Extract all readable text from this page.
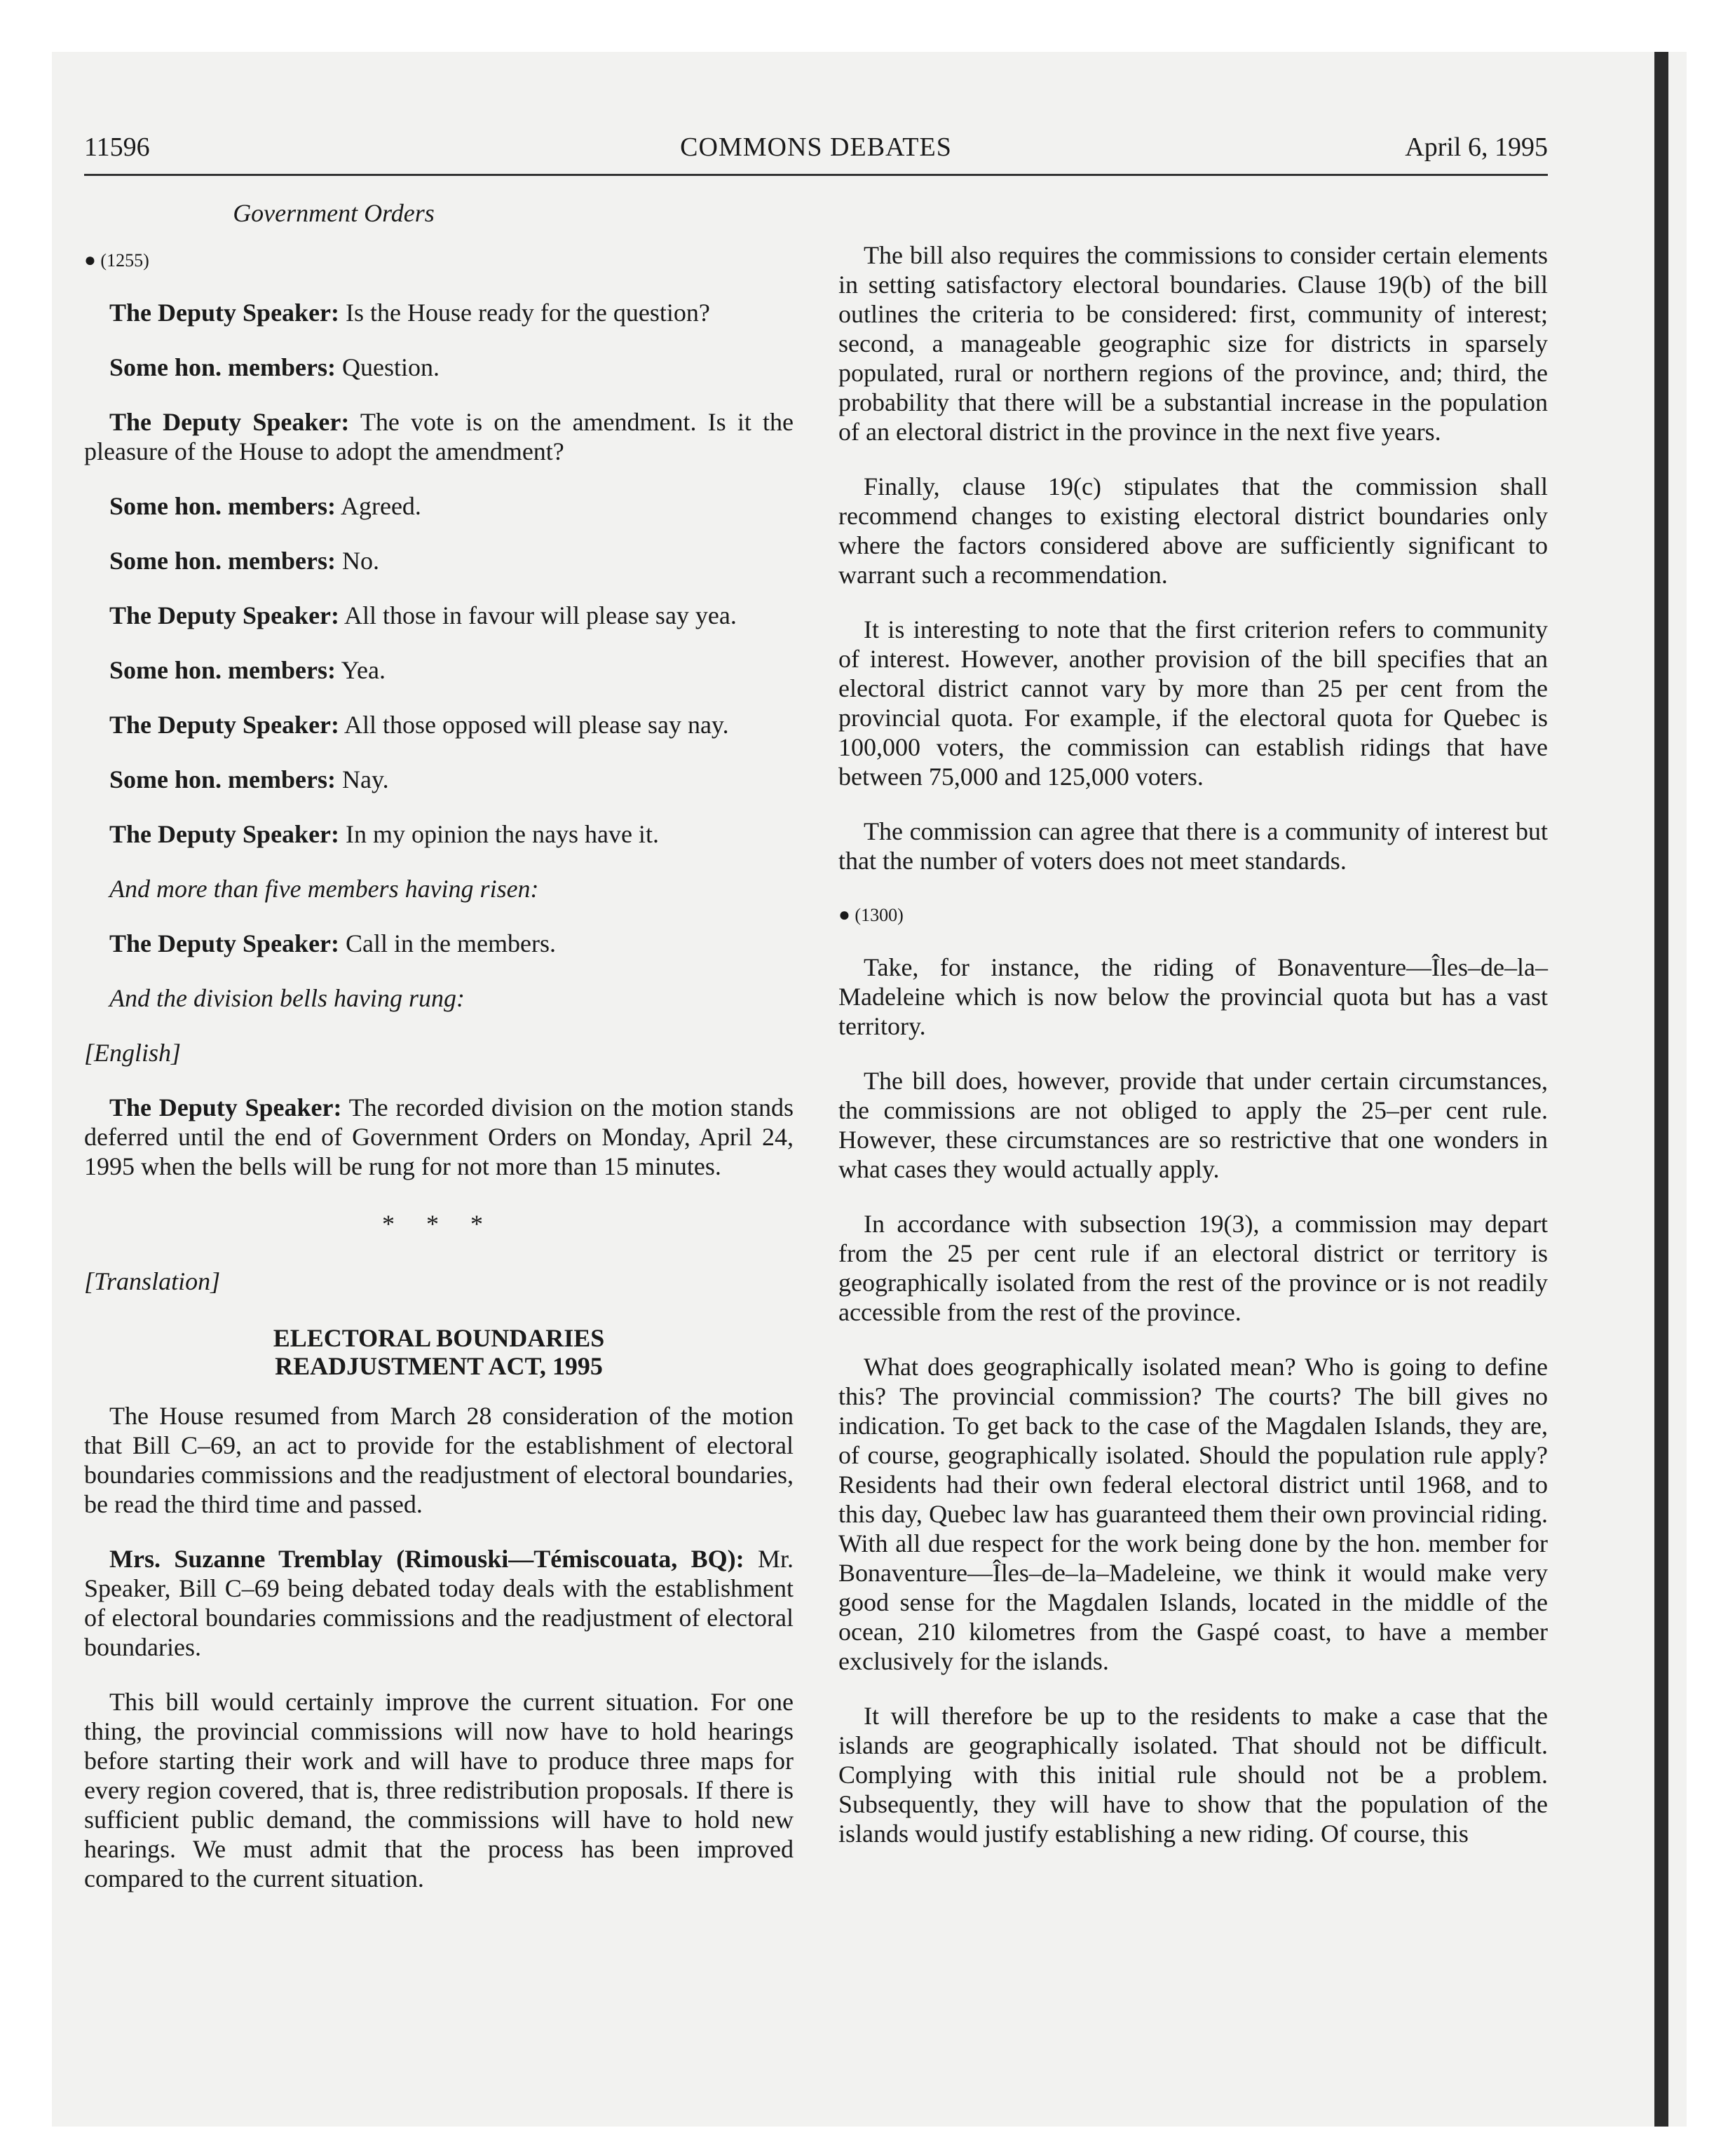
11596	COMMONS DEBATES	April 6, 1995
Government Orders
● (1255)

The Deputy Speaker: Is the House ready for the question?

Some hon. members: Question.

The Deputy Speaker: The vote is on the amendment. Is it the pleasure of the House to adopt the amendment?

Some hon. members: Agreed.

Some hon. members: No.

The Deputy Speaker: All those in favour will please say yea.

Some hon. members: Yea.

The Deputy Speaker: All those opposed will please say nay.

Some hon. members: Nay.

The Deputy Speaker: In my opinion the nays have it.

And more than five members having risen:

The Deputy Speaker: Call in the members.

And the division bells having rung:

[English]

The Deputy Speaker: The recorded division on the motion stands deferred until the end of Government Orders on Monday, April 24, 1995 when the bells will be rung for not more than 15 minutes.

* * *

[Translation]

ELECTORAL BOUNDARIES
READJUSTMENT ACT, 1995

The House resumed from March 28 consideration of the motion that Bill C–69, an act to provide for the establishment of electoral boundaries commissions and the readjustment of electoral boundaries, be read the third time and passed.

Mrs. Suzanne Tremblay (Rimouski—Témiscouata, BQ): Mr. Speaker, Bill C–69 being debated today deals with the establishment of electoral boundaries commissions and the readjustment of electoral boundaries.

This bill would certainly improve the current situation. For one thing, the provincial commissions will now have to hold hearings before starting their work and will have to produce three maps for every region covered, that is, three redistribution proposals. If there is sufficient public demand, the commissions will have to hold new hearings. We must admit that the process has been improved compared to the current situation.

The bill also requires the commissions to consider certain elements in setting satisfactory electoral boundaries. Clause 19(b) of the bill outlines the criteria to be considered: first, community of interest; second, a manageable geographic size for districts in sparsely populated, rural or northern regions of the province, and; third, the probability that there will be a substantial increase in the population of an electoral district in the province in the next five years.

Finally, clause 19(c) stipulates that the commission shall recommend changes to existing electoral district boundaries only where the factors considered above are sufficiently significant to warrant such a recommendation.

It is interesting to note that the first criterion refers to community of interest. However, another provision of the bill specifies that an electoral district cannot vary by more than 25 per cent from the provincial quota. For example, if the electoral quota for Quebec is 100,000 voters, the commission can establish ridings that have between 75,000 and 125,000 voters.

The commission can agree that there is a community of interest but that the number of voters does not meet standards.

● (1300)

Take, for instance, the riding of Bonaventure—Îles–de–la–Madeleine which is now below the provincial quota but has a vast territory.

The bill does, however, provide that under certain circumstances, the commissions are not obliged to apply the 25–per cent rule. However, these circumstances are so restrictive that one wonders in what cases they would actually apply.

In accordance with subsection 19(3), a commission may depart from the 25 per cent rule if an electoral district or territory is geographically isolated from the rest of the province or is not readily accessible from the rest of the province.

What does geographically isolated mean? Who is going to define this? The provincial commission? The courts? The bill gives no indication. To get back to the case of the Magdalen Islands, they are, of course, geographically isolated. Should the population rule apply? Residents had their own federal electoral district until 1968, and to this day, Quebec law has guaranteed them their own provincial riding. With all due respect for the work being done by the hon. member for Bonaventure—Îles–de–la–Madeleine, we think it would make very good sense for the Magdalen Islands, located in the middle of the ocean, 210 kilometres from the Gaspé coast, to have a member exclusively for the islands.

It will therefore be up to the residents to make a case that the islands are geographically isolated. That should not be difficult. Complying with this initial rule should not be a problem. Subsequently, they will have to show that the population of the islands would justify establishing a new riding. Of course, this
